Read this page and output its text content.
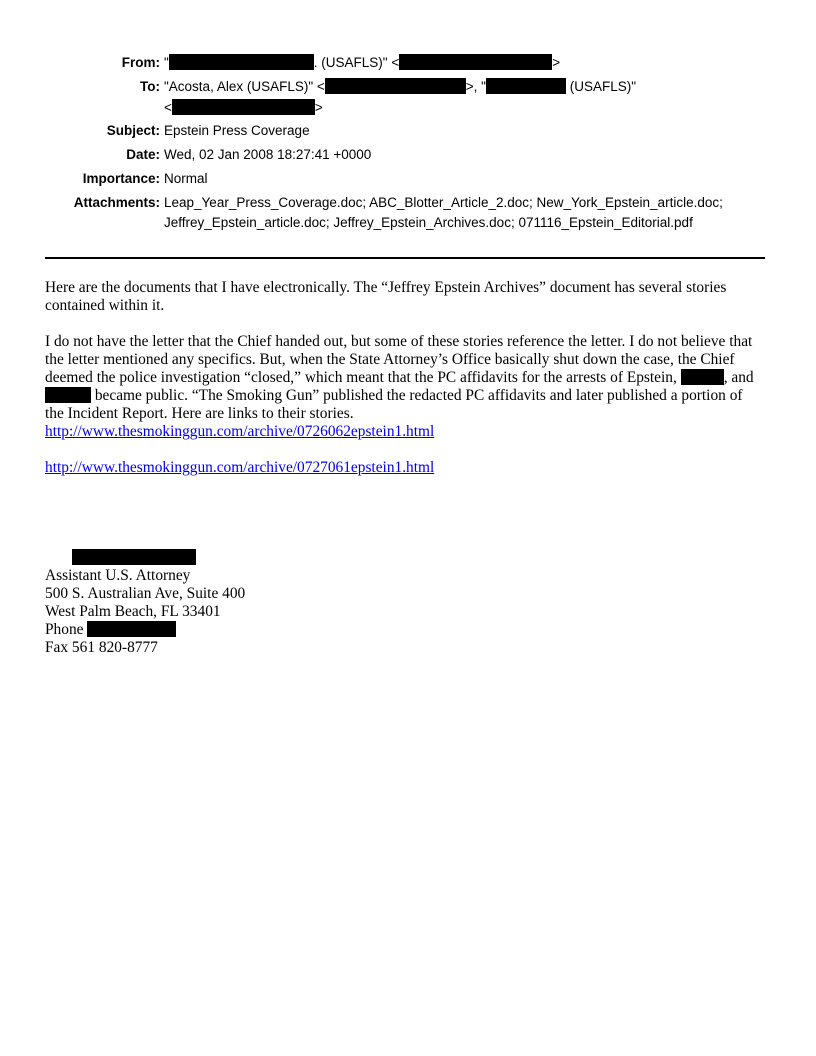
From: "	. (USAFLS)" <	>
To: "Acosta, Alex (USAFLS)" <	>, "	(USAFLS)"
<	>
Subject: Epstein Press Coverage
Date: Wed, 02 Jan 2008 18:27:41 +0000
Importance: Normal
Attachments: Leap_Year_Press_Coverage.doc; ABC_Blotter_Article_2.doc; New_York_Epstein_article.doc;
Jeffrey_Epstein_article.doc; Jeffrey_Epstein_Archives.doc; 071116_Epstein_Editorial.pdf

Here are the documents that I have electronically. The “Jeffrey Epstein Archives” document has several stories contained within it.

I do not have the letter that the Chief handed out, but some of these stories reference the letter. I do not believe that the letter mentioned any specifics. But, when the State Attorney’s Office basically shut down the case, the Chief deemed the police investigation “closed,” which meant that the PC affidavits for the arrests of Epstein,	, and  became public. “The Smoking Gun” published the redacted PC affidavits and later published a portion of the Incident Report. Here are links to their stories.

http://www.thesmokinggun.com/archive/0726062epstein1.html
http://www.thesmokinggun.com/archive/0727061epstein1.html
Assistant U.S. Attorney
500 S. Australian Ave, Suite 400
West Palm Beach, FL 33401
Phone
Fax 561 820-8777
